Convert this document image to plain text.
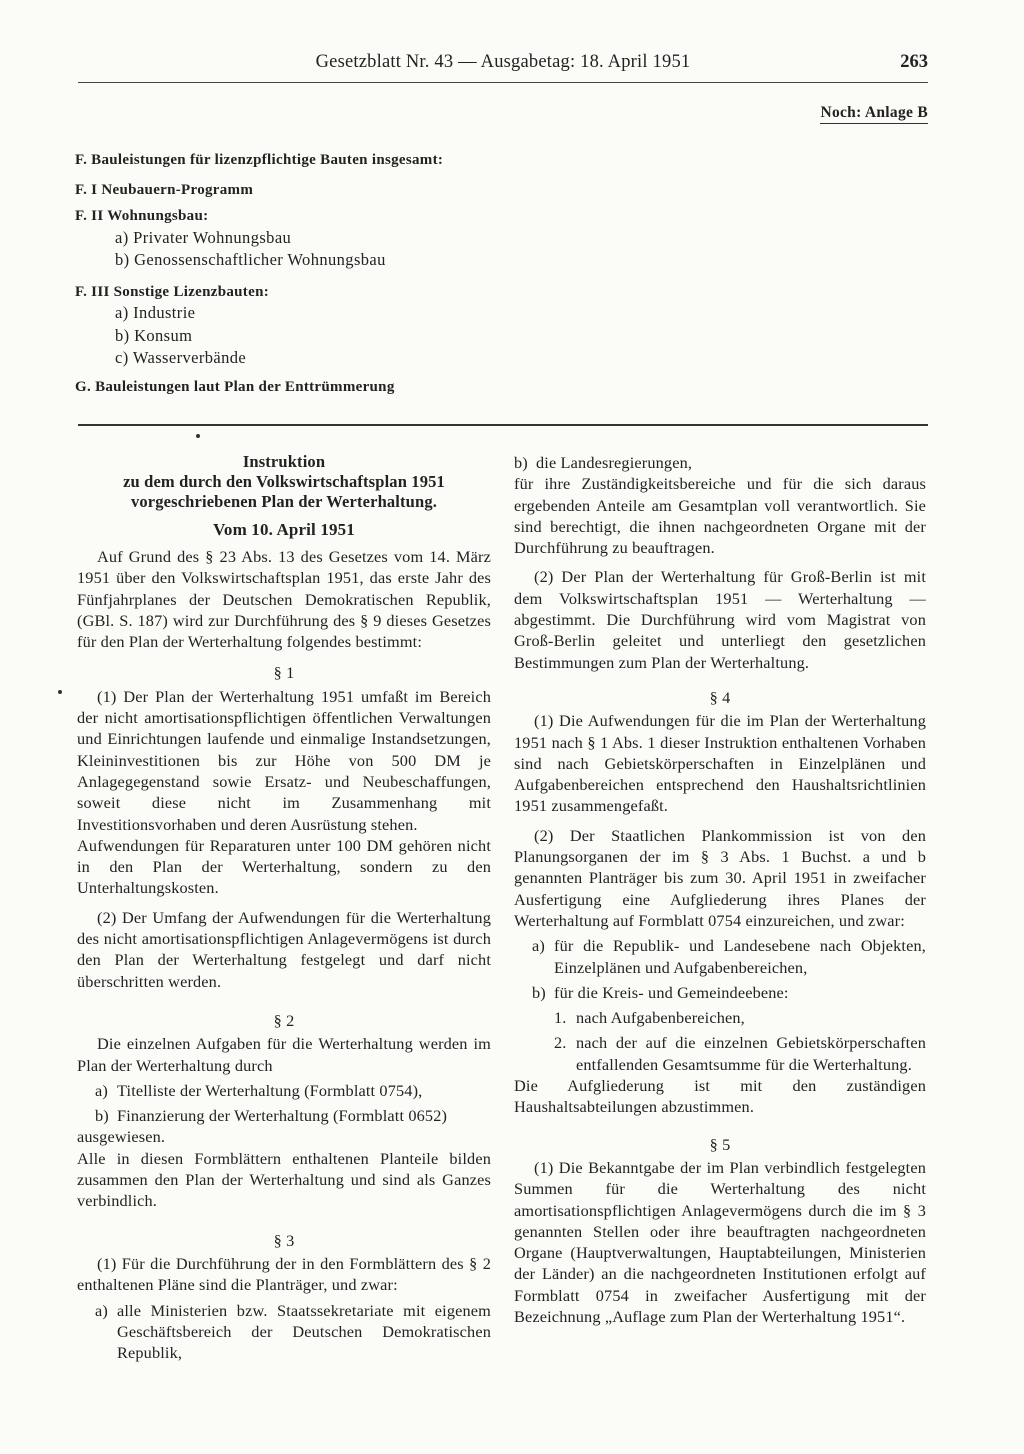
Gesetzblatt Nr. 43 — Ausgabetag: 18. April 1951	263
Noch: Anlage B
F. Bauleistungen für lizenzpflichtige Bauten insgesamt:
F. I Neubauern-Programm
F. II Wohnungsbau:
a) Privater Wohnungsbau
b) Genossenschaftlicher Wohnungsbau
F. III Sonstige Lizenzbauten:
a) Industrie
b) Konsum
c) Wasserverbände
G. Bauleistungen laut Plan der Enttrümmerung
Instruktion
zu dem durch den Volkswirtschaftsplan 1951
vorgeschriebenen Plan der Werterhaltung.
Vom 10. April 1951

Auf Grund des § 23 Abs. 13 des Gesetzes vom 14. März 1951 über den Volkswirtschaftsplan 1951, das erste Jahr des Fünfjahrplanes der Deutschen Demokratischen Republik, (GBl. S. 187) wird zur Durchführung des § 9 dieses Gesetzes für den Plan der Werterhaltung folgendes bestimmt:

§ 1

(1) Der Plan der Werterhaltung 1951 umfaßt im Bereich der nicht amortisationspflichtigen öffentlichen Verwaltungen und Einrichtungen laufende und einmalige Instandsetzungen, Kleininvestitionen bis zur Höhe von 500 DM je Anlagegegenstand sowie Ersatz- und Neubeschaffungen, soweit diese nicht im Zusammenhang mit Investitionsvorhaben und deren Ausrüstung stehen.

Aufwendungen für Reparaturen unter 100 DM gehören nicht in den Plan der Werterhaltung, sondern zu den Unterhaltungskosten.

(2) Der Umfang der Aufwendungen für die Werterhaltung des nicht amortisationspflichtigen Anlagevermögens ist durch den Plan der Werterhaltung festgelegt und darf nicht überschritten werden.

§ 2

Die einzelnen Aufgaben für die Werterhaltung werden im Plan der Werterhaltung durch

a) Titelliste der Werterhaltung (Formblatt 0754),
b) Finanzierung der Werterhaltung (Formblatt 0652)

ausgewiesen.

Alle in diesen Formblättern enthaltenen Planteile bilden zusammen den Plan der Werterhaltung und sind als Ganzes verbindlich.

§ 3

(1) Für die Durchführung der in den Formblättern des § 2 enthaltenen Pläne sind die Planträger, und zwar:

a) alle Ministerien bzw. Staatssekretariate mit eigenem Geschäftsbereich der Deutschen Demokratischen Republik,
b) die Landesregierungen,

für ihre Zuständigkeitsbereiche und für die sich daraus ergebenden Anteile am Gesamtplan voll verantwortlich. Sie sind berechtigt, die ihnen nachgeordneten Organe mit der Durchführung zu beauftragen.

(2) Der Plan der Werterhaltung für Groß-Berlin ist mit dem Volkswirtschaftsplan 1951 — Werterhaltung — abgestimmt. Die Durchführung wird vom Magistrat von Groß-Berlin geleitet und unterliegt den gesetzlichen Bestimmungen zum Plan der Werterhaltung.

§ 4

(1) Die Aufwendungen für die im Plan der Werterhaltung 1951 nach § 1 Abs. 1 dieser Instruktion enthaltenen Vorhaben sind nach Gebietskörperschaften in Einzelplänen und Aufgabenbereichen entsprechend den Haushaltsrichtlinien 1951 zusammengefaßt.

(2) Der Staatlichen Plankommission ist von den Planungsorganen der im § 3 Abs. 1 Buchst. a und b genannten Planträger bis zum 30. April 1951 in zweifacher Ausfertigung eine Aufgliederung ihres Planes der Werterhaltung auf Formblatt 0754 einzureichen, und zwar:

a) für die Republik- und Landesebene nach Objekten, Einzelplänen und Aufgabenbereichen,
b) für die Kreis- und Gemeindeebene:
1. nach Aufgabenbereichen,
2. nach der auf die einzelnen Gebietskörperschaften entfallenden Gesamtsumme für die Werterhaltung.

Die Aufgliederung ist mit den zuständigen Haushaltsabteilungen abzustimmen.

§ 5

(1) Die Bekanntgabe der im Plan verbindlich festgelegten Summen für die Werterhaltung des nicht amortisationspflichtigen Anlagevermögens durch die im § 3 genannten Stellen oder ihre beauftragten nachgeordneten Organe (Hauptverwaltungen, Hauptabteilungen, Ministerien der Länder) an die nachgeordneten Institutionen erfolgt auf Formblatt 0754 in zweifacher Ausfertigung mit der Bezeichnung „Auflage zum Plan der Werterhaltung 1951“.
